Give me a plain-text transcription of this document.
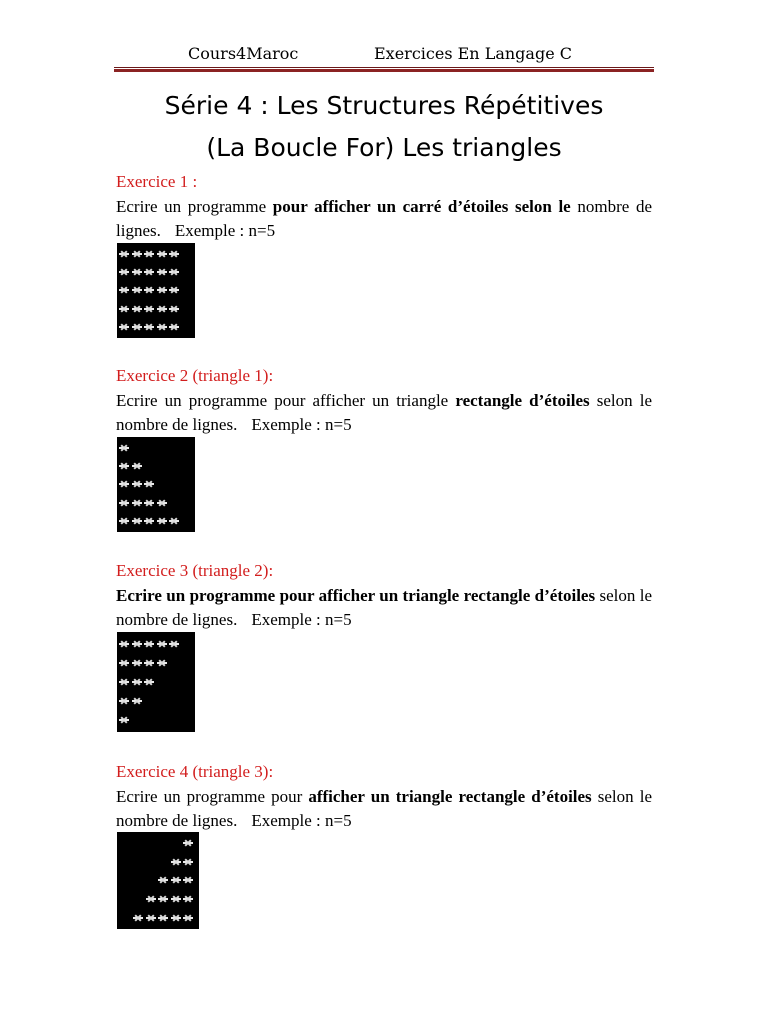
Cours4Maroc	Exercices En Langage C
Série 4 : Les Structures Répétitives
(La Boucle For) Les triangles
Exercice 1 :
Ecrire un programme pour afficher un carré d’étoiles selon le nombre de lignes. Exemple : n=5
Exercice 2 (triangle 1):
Ecrire un programme pour afficher un triangle rectangle d’étoiles selon le nombre de lignes. Exemple : n=5
Exercice 3 (triangle 2):
Ecrire un programme pour afficher un triangle rectangle d’étoiles selon le nombre de lignes. Exemple : n=5
Exercice 4 (triangle 3):
Ecrire un programme pour afficher un triangle rectangle d’étoiles selon le nombre de lignes. Exemple : n=5
